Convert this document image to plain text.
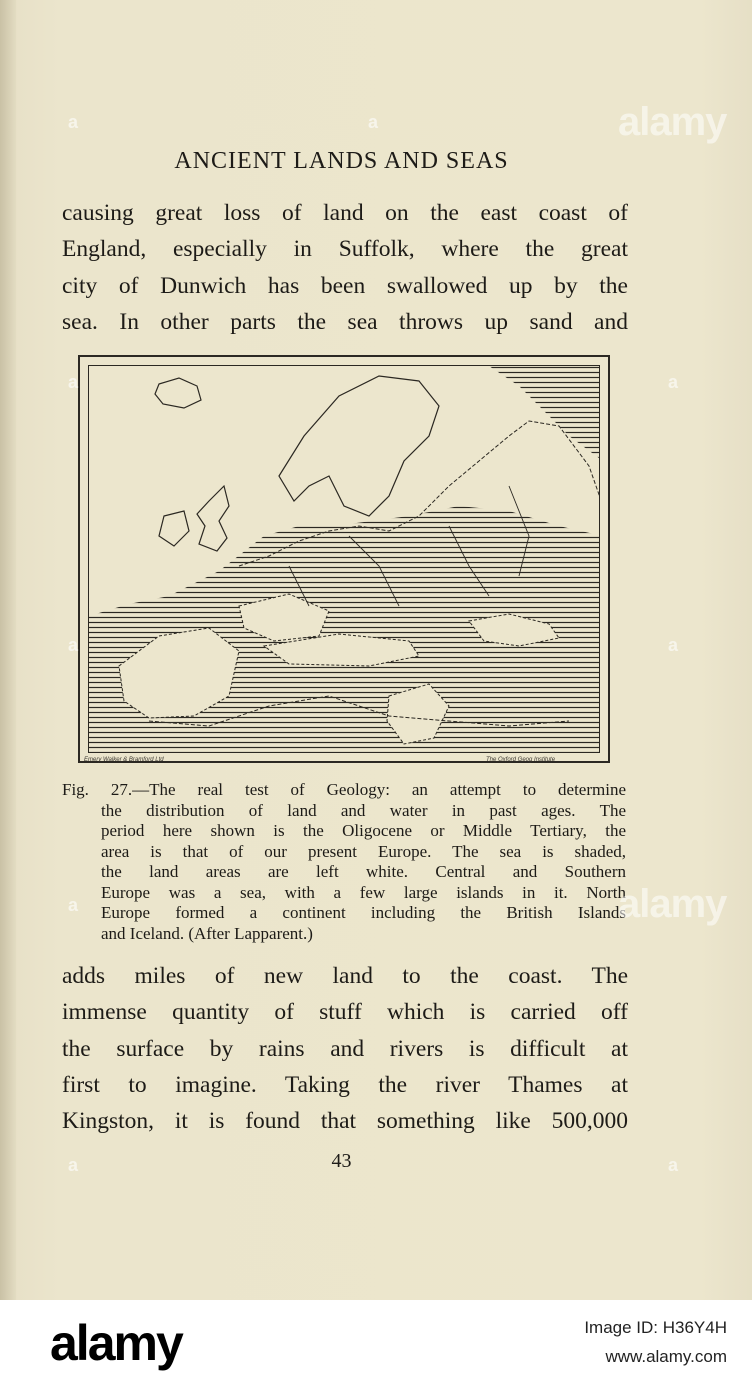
ANCIENT LANDS AND SEAS
causing great loss of land on the east coast of
England, especially in Suffolk, where the great
city of Dunwich has been swallowed up by the
sea. In other parts the sea throws up sand and
Emery Walker & Bramford Ltd	The Oxford Geog Institute
Fig. 27.—The real test of Geology: an attempt to determine
the distribution of land and water in past ages. The
period here shown is the Oligocene or Middle Tertiary, the
area is that of our present Europe. The sea is shaded,
the land areas are left white. Central and Southern
Europe was a sea, with a few large islands in it. North
Europe formed a continent including the British Islands
and Iceland. (After Lapparent.)
adds miles of new land to the coast. The
immense quantity of stuff which is carried off
the surface by rains and rivers is difficult at
first to imagine. Taking the river Thames at
Kingston, it is found that something like 500,000
43
alamy
alamy
a	a
a	a
a	a
a
a	a
alamy	Image ID: H36Y4H
www.alamy.com
